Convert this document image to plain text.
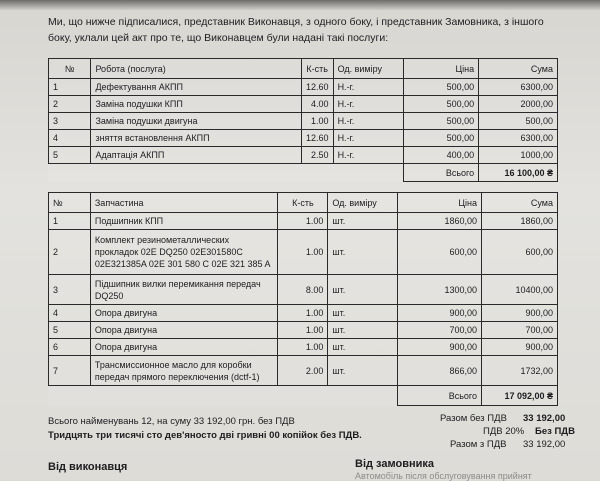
Ми, що нижче підписалися, представник Виконавця, з одного боку, і представник Замовника, з іншого боку, уклали цей акт про те, що Виконавцем були надані такі послуги:
№	Робота (послуга)	К-сть	Од. виміру	Ціна	Сума
1	Дефектування АКПП	12.60	Н.-г.	500,00	6300,00
2	Заміна подушки КПП	4.00	Н.-г.	500,00	2000,00
3	Заміна подушки двигуна	1.00	Н.-г.	500,00	500,00
4	зняття встановлення АКПП	12.60	Н.-г.	500,00	6300,00
5	Адаптація АКПП	2.50	Н.-г.	400,00	1000,00
				Всього	16 100,00 ₴
№	Запчастина	К-сть	Од. виміру	Ціна	Сума
1	Подшипник КПП	1.00	шт.	1860,00	1860,00
2	Комплект резинометаллических прокладок 02E DQ250 02E301580C 02E321385A 02E 301 580 C 02E 321 385 A	1.00	шт.	600,00	600,00
3	Підшипник вилки перемикання передач DQ250	8.00	шт.	1300,00	10400,00
4	Опора двигуна	1.00	шт.	900,00	900,00
5	Опора двигуна	1.00	шт.	700,00	700,00
6	Опора двигуна	1.00	шт.	900,00	900,00
7	Трансмиссионное масло для коробки передач прямого переключения (dctf-1)	2.00	шт.	866,00	1732,00
				Всього	17 092,00 ₴
Всього найменувань 12, на суму 33 192,00 грн. без ПДВ
Тридцять три тисячі сто дев'яносто дві гривні 00 копійок без ПДВ.
Разом без ПДВ 33 192,00
ПДВ 20% Без ПДВ
Разом з ПДВ 33 192,00
Від виконавця	Від замовника
Автомобіль після обслуговування прийнят
